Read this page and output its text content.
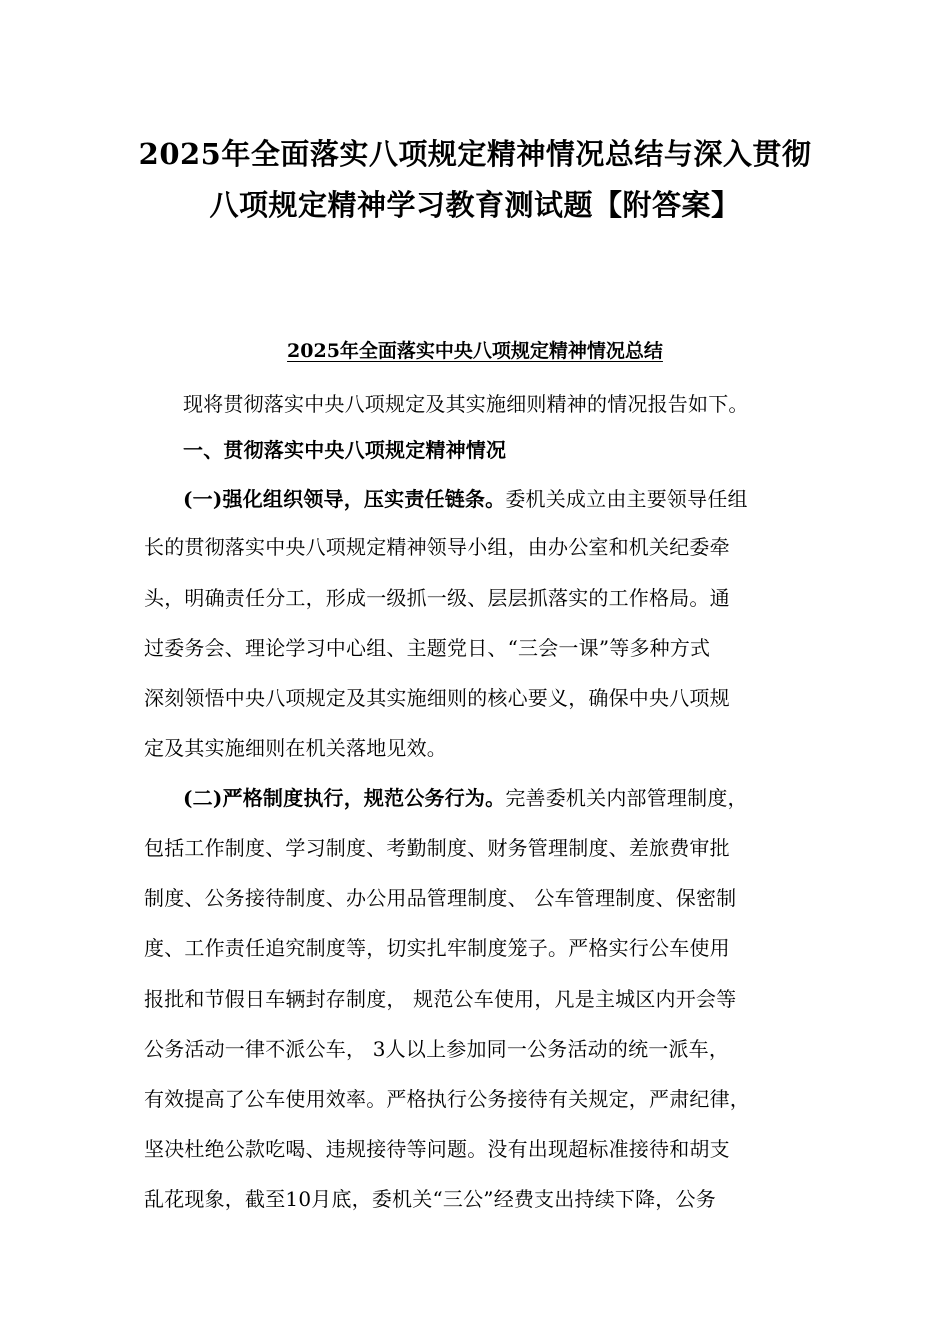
2025年全面落实八项规定精神情况总结与深入贯彻
八项规定精神学习教育测试题【附答案】
2025年全面落实中央八项规定精神情况总结
现将贯彻落实中央八项规定及其实施细则精神的情况报告如下。
一、贯彻落实中央八项规定精神情况
(一)强化组织领导，压实责任链条。委机关成立由主要领导任组
长的贯彻落实中央八项规定精神领导小组，由办公室和机关纪委牵
头，明确责任分工，形成一级抓一级、层层抓落实的工作格局。通
过委务会、理论学习中心组、主题党日、“三会一课”等多种方式
深刻领悟中央八项规定及其实施细则的核心要义，确保中央八项规
定及其实施细则在机关落地见效。
(二)严格制度执行，规范公务行为。完善委机关内部管理制度，
包括工作制度、学习制度、考勤制度、财务管理制度、差旅费审批
制度、公务接待制度、办公用品管理制度、 公车管理制度、保密制
度、工作责任追究制度等，切实扎牢制度笼子。严格实行公车使用
报批和节假日车辆封存制度， 规范公车使用，凡是主城区内开会等
公务活动一律不派公车， 3人以上参加同一公务活动的统一派车，
有效提高了公车使用效率。严格执行公务接待有关规定，严肃纪律，
坚决杜绝公款吃喝、违规接待等问题。没有出现超标准接待和胡支
乱花现象，截至10月底，委机关“三公”经费支出持续下降，公务
